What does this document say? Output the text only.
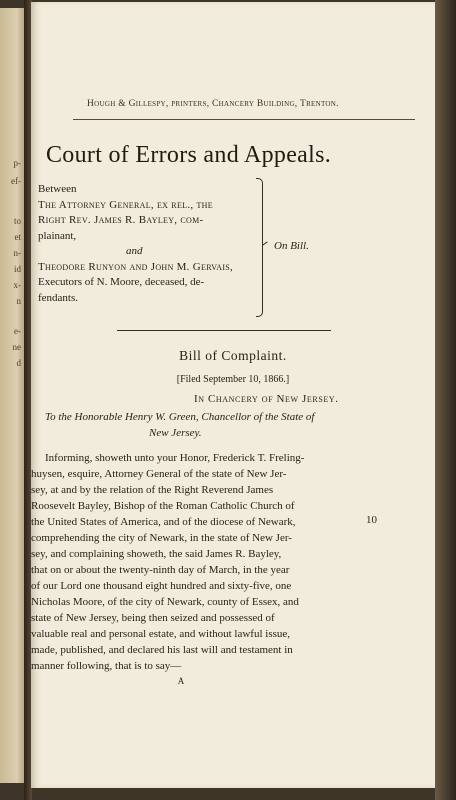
p-
ef-
to
et
n-
id
x-
n
e-
ne
d
Hough & Gillespy, printers, Chancery Building, Trenton.
Court of Errors and Appeals.

Between

The Attorney General, ex rel., the

Right Rev. James R. Bayley, com-

plainant,

and

Theodore Runyon and John M. Gervais,

Executors of N. Moore, deceased, de-

fendants.

On Bill.
Bill of Complaint.
[Filed September 10, 1866.]
In Chancery of New Jersey.

To the Honorable Henry W. Green, Chancellor of the State of

New Jersey.

Informing, showeth unto your Honor, Frederick T. Freling-
huysen, esquire, Attorney General of the state of New Jer-
sey, at and by the relation of the Right Reverend James
Roosevelt Bayley, Bishop of the Roman Catholic Church of
the United States of America, and of the diocese of Newark,
comprehending the city of Newark, in the state of New Jer-
sey, and complaining showeth, the said James R. Bayley,
that on or about the twenty-ninth day of March, in the year
of our Lord one thousand eight hundred and sixty-five, one
Nicholas Moore, of the city of Newark, county of Essex, and
state of New Jersey, being then seized and possessed of
valuable real and personal estate, and without lawful issue,
made, published, and declared his last will and testament in
manner following, that is to say—
10
A
